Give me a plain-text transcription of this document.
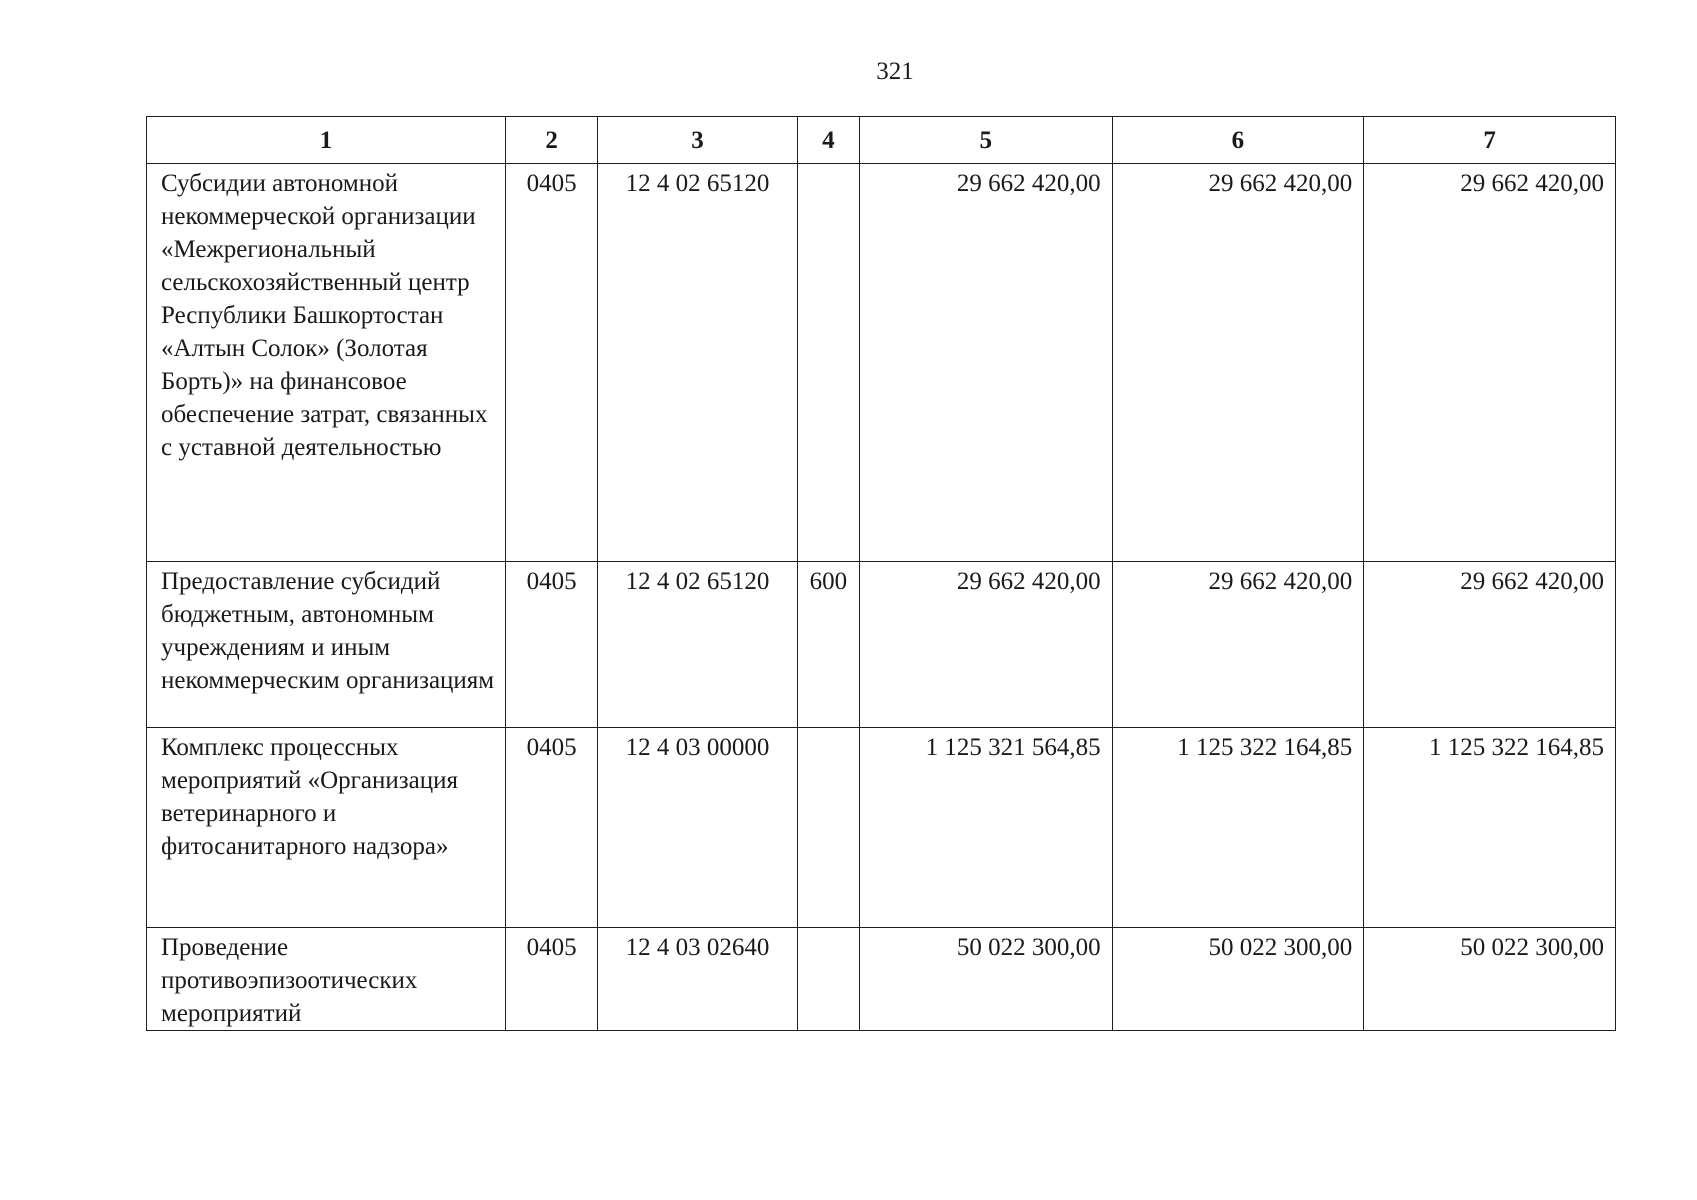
321
1	2	3	4	5	6	7
Субсидии автономной некоммерческой организации «Межрегиональный сельскохозяйственный центр Республики Башкортостан «Алтын Солок» (Золотая Борть)» на финансовое обеспечение затрат, связанных с уставной деятельностью	0405	12 4 02 65120		29 662 420,00	29 662 420,00	29 662 420,00
Предоставление субсидий бюджетным, автономным учреждениям и иным некоммерческим организациям	0405	12 4 02 65120	600	29 662 420,00	29 662 420,00	29 662 420,00
Комплекс процессных мероприятий «Организация ветеринарного и фитосанитарного надзора»	0405	12 4 03 00000		1 125 321 564,85	1 125 322 164,85	1 125 322 164,85
Проведение противоэпизоотических мероприятий	0405	12 4 03 02640		50 022 300,00	50 022 300,00	50 022 300,00
